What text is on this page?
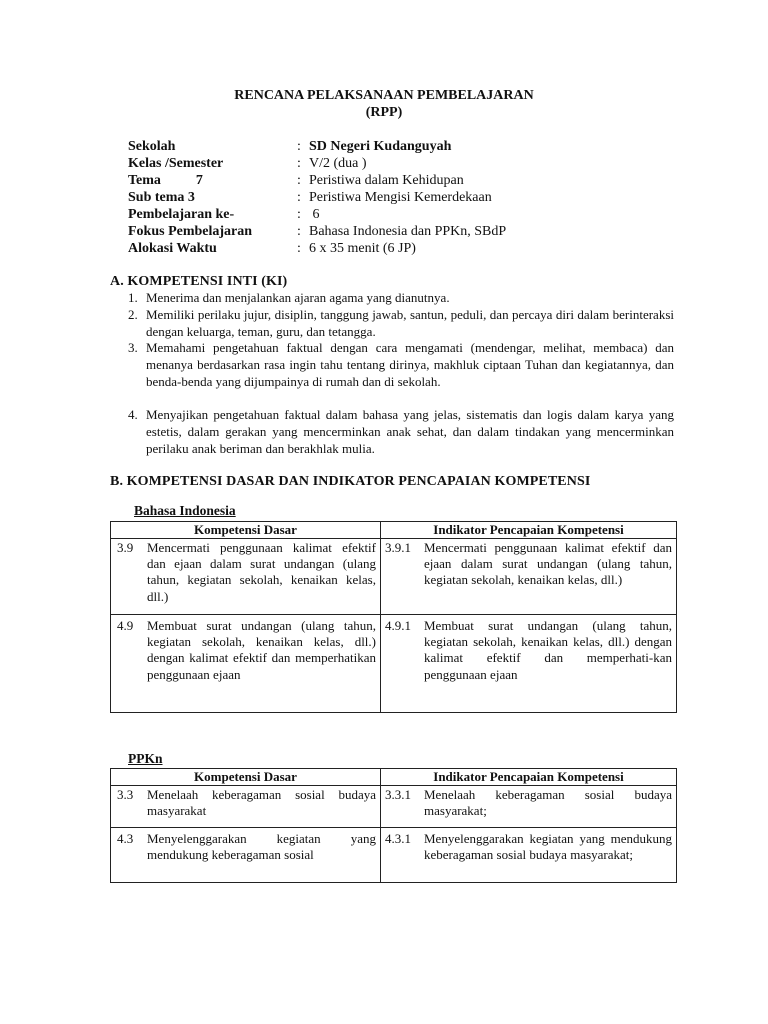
RENCANA PELAKSANAAN PEMBELAJARAN
(RPP)
Sekolah	: SD Negeri Kudanguyah
Kelas /Semester	: V/2 (dua )
Tema          7	: Peristiwa dalam Kehidupan
Sub tema 3	: Peristiwa Mengisi Kemerdekaan
Pembelajaran ke-	: 6
Fokus Pembelajaran	: Bahasa Indonesia dan PPKn, SBdP
Alokasi Waktu	: 6 x 35 menit (6 JP)
A. KOMPETENSI INTI (KI)
1. Menerima dan menjalankan ajaran agama yang dianutnya.
2. Memiliki perilaku jujur, disiplin, tanggung jawab, santun, peduli, dan percaya diri dalam berinteraksi dengan keluarga, teman, guru, dan tetangga.
3. Memahami pengetahuan faktual dengan cara mengamati (mendengar, melihat, membaca) dan menanya berdasarkan rasa ingin tahu tentang dirinya, makhluk ciptaan Tuhan dan kegiatannya, dan benda-benda yang dijumpainya di rumah dan di sekolah.
4. Menyajikan pengetahuan faktual dalam bahasa yang jelas, sistematis dan logis dalam karya yang estetis, dalam gerakan yang mencerminkan anak sehat, dan dalam tindakan yang mencerminkan perilaku anak beriman dan berakhlak mulia.
B. KOMPETENSI DASAR DAN INDIKATOR PENCAPAIAN KOMPETENSI
Bahasa Indonesia
Kompetensi Dasar	Indikator Pencapaian Kompetensi

3.9 Mencermati penggunaan kalimat efektif dan ejaan dalam surat undangan (ulang tahun, kegiatan sekolah, kenaikan kelas, dll.)	3.9.1 Mencermati penggunaan kalimat efektif dan ejaan dalam surat undangan (ulang tahun, kegiatan sekolah, kenaikan kelas, dll.)

4.9 Membuat surat undangan (ulang tahun, kegiatan sekolah, kenaikan kelas, dll.) dengan kalimat efektif dan memperhatikan penggunaan ejaan	4.9.1 Membuat surat undangan (ulang tahun, kegiatan sekolah, kenaikan kelas, dll.) dengan kalimat efektif dan memperhati-kan penggunaan ejaan
PPKn
Kompetensi Dasar	Indikator Pencapaian Kompetensi

3.3 Menelaah keberagaman sosial budaya masyarakat	3.3.1 Menelaah keberagaman sosial budaya masyarakat;

4.3 Menyelenggarakan kegiatan yang mendukung keberagaman sosial	4.3.1 Menyelenggarakan kegiatan yang mendukung keberagaman sosial budaya masyarakat;
